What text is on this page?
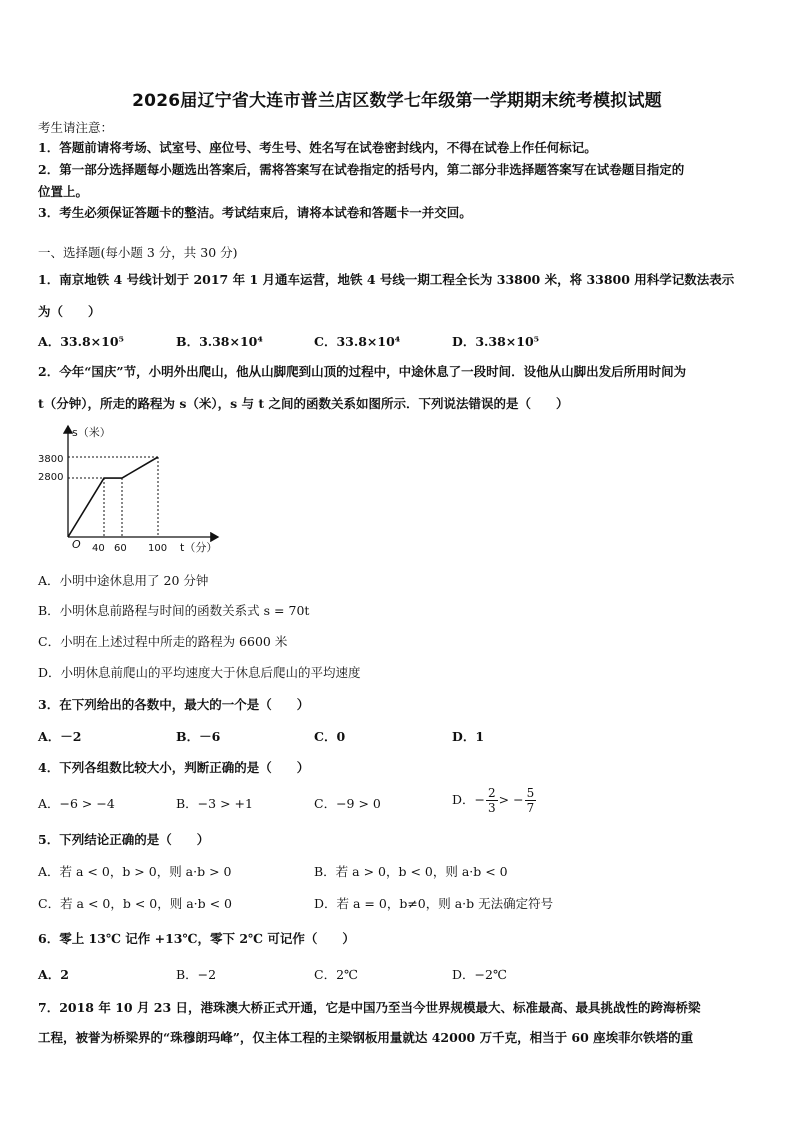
2026届辽宁省大连市普兰店区数学七年级第一学期期末统考模拟试题
考生请注意：
1．答题前请将考场、试室号、座位号、考生号、姓名写在试卷密封线内，不得在试卷上作任何标记。
2．第一部分选择题每小题选出答案后，需将答案写在试卷指定的括号内，第二部分非选择题答案写在试卷题目指定的
位置上。
3．考生必须保证答题卡的整洁。考试结束后，请将本试卷和答题卡一并交回。
一、选择题(每小题 3 分，共 30 分)
1．南京地铁 4 号线计划于 2017 年 1 月通车运营，地铁 4 号线一期工程全长为 33800 米，将 33800 用科学记数法表示
为（　　）
A．33.8×10⁵	B．3.38×10⁴	C．33.8×10⁴	D．3.38×10⁵
2．今年“国庆”节，小明外出爬山，他从山脚爬到山顶的过程中，中途休息了一段时间．设他从山脚出发后所用时间为
t（分钟），所走的路程为 s（米），s 与 t 之间的函数关系如图所示．下列说法错误的是（　　）
s（米）
t（分）
O
3800
2800
40 60 100
A．小明中途休息用了 20 分钟
B．小明休息前路程与时间的函数关系式 s = 70t
C．小明在上述过程中所走的路程为 6600 米
D．小明休息前爬山的平均速度大于休息后爬山的平均速度
3．在下列给出的各数中，最大的一个是（　　）
A．－2	B．－6	C．0	D．1
4．下列各组数比较大小，判断正确的是（　　）
A．−6 > −4	B．−3 > +1	C．−9 > 0	D．− $\frac{2}{3}$ > − $\frac{5}{7}$
5．下列结论正确的是（　　）
A．若 a < 0，b > 0，则 a·b > 0	B．若 a > 0，b < 0，则 a·b < 0
C．若 a < 0，b < 0，则 a·b < 0	D．若 a = 0，b≠0，则 a·b 无法确定符号
6．零上 13℃ 记作 +13℃，零下 2℃ 可记作（　　）
A．2	B．−2	C．2℃	D．−2℃
7．2018 年 10 月 23 日，港珠澳大桥正式开通，它是中国乃至当今世界规模最大、标准最高、最具挑战性的跨海桥梁
工程，被誉为桥梁界的“珠穆朗玛峰”，仅主体工程的主梁钢板用量就达 42000 万千克，相当于 60 座埃菲尔铁塔的重
